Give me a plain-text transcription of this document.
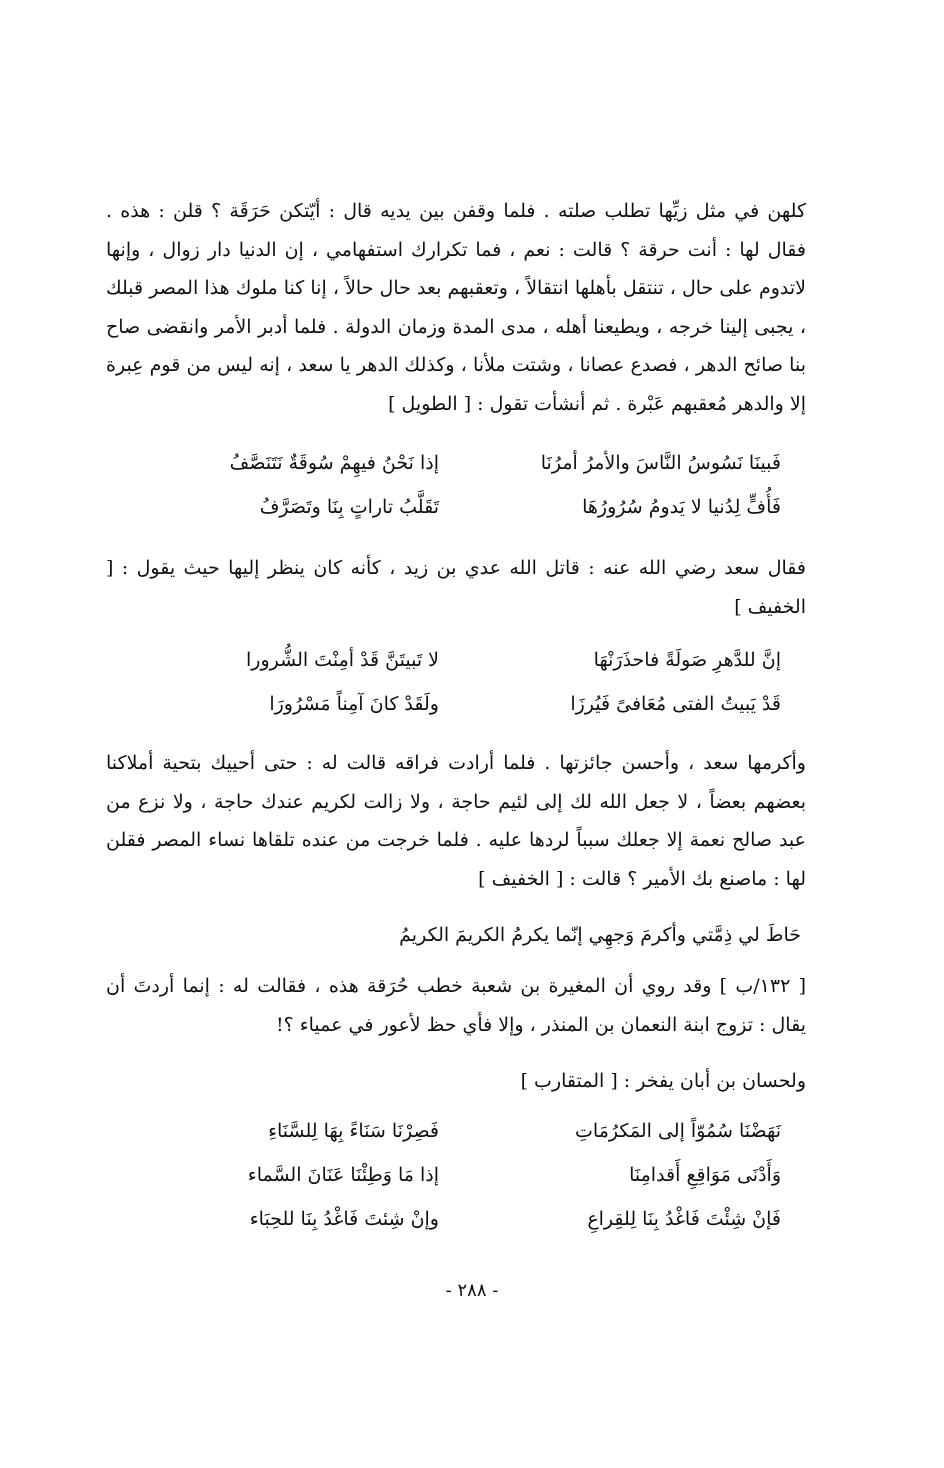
كلهن في مثل زيِّها تطلب صلته . فلما وقفن بين يديه قال : أيّتكن حَرَقَة ؟ قلن : هذه . فقال لها : أنت حرقة ؟ قالت : نعم ، فما تكرارك استفهامي ، إن الدنيا دار زوال ، وإنها لاتدوم على حال ، تنتقل بأهلها انتقالاً ، وتعقبهم بعد حال حالاً ، إنا كنا ملوك هذا المصر قبلك ، يجبى إلينا خرجه ، ويطيعنا أهله ، مدى المدة وزمان الدولة . فلما أدبر الأمر وانقضى صاح بنا صائح الدهر ، فصدع عصانا ، وشتت ملأنا ، وكذلك الدهر يا سعد ، إنه ليس من قوم عِبرة إلا والدهر مُعقبهم عَبْرة . ثم أنشأت تقول : [ الطويل ]

فَبينَا نَسُوسُ النَّاسَ والأمرُ أمرُنَا
إذا نَحْنُ فيهِمْ سُوقَةٌ نَتَنَصَّفُ
فَأُفٍّ لِدُنيا لا يَدومُ سُرُورُهَا
تَقَلَّبُ تاراتٍ بِنَا وتَصَرَّفُ

فقال سعد رضي الله عنه : قاتل الله عدي بن زيد ، كأنه كان ينظر إليها حيث يقول : [ الخفيف ]

إنَّ للدَّهرِ صَولَةً فاحذَرَنْهَا
لا تَبيتَنَّ قَدْ أمِنْتَ الشُّرورا
قَدْ يَبيتُ الفتى مُعَافىً فَيُرزَا
ولَقَدْ كانَ آمِناً مَسْرُورَا

وأكرمها سعد ، وأحسن جائزتها . فلما أرادت فراقه قالت له : حتى أحييك بتحية أملاكنا بعضهم بعضاً ، لا جعل الله لك إلى لئيم حاجة ، ولا زالت لكريم عندك حاجة ، ولا نزع من عبد صالح نعمة إلا جعلك سبباً لردها عليه . فلما خرجت من عنده تلقاها نساء المصر فقلن لها : ماصنع بك الأمير ؟ قالت : [ الخفيف ]

حَاطَ لي ذِمَّتي وأكرمَ وَجهِي إنّما يكرمُ الكريمَ الكريمُ

[ ١٣٢/ب ] وقد روي أن المغيرة بن شعبة خطب حُرَقة هذه ، فقالت له : إنما أردتَ أن يقال : تزوج ابنة النعمان بن المنذر ، وإلا فأي حظ لأعور في عمياء ؟!

ولحسان بن أبان يفخر : [ المتقارب ]

نَهَضْنَا سُمُوّاً إلى المَكرُمَاتِ
فَصِرْنَا سَنَاءً بِهَا لِلسَّنَاءِ
وَأَدْنَى مَوَاقِعِ أَقدامِنَا
إذا مَا وَطِئْنَا عَنَانَ السَّماء
فَإنْ شِئْتَ فَاغْدُ بِنَا لِلقِراعِ
وإنْ شِئتَ فَاغْدُ بِنَا للحِبَاء
- ٢٨٨ -
